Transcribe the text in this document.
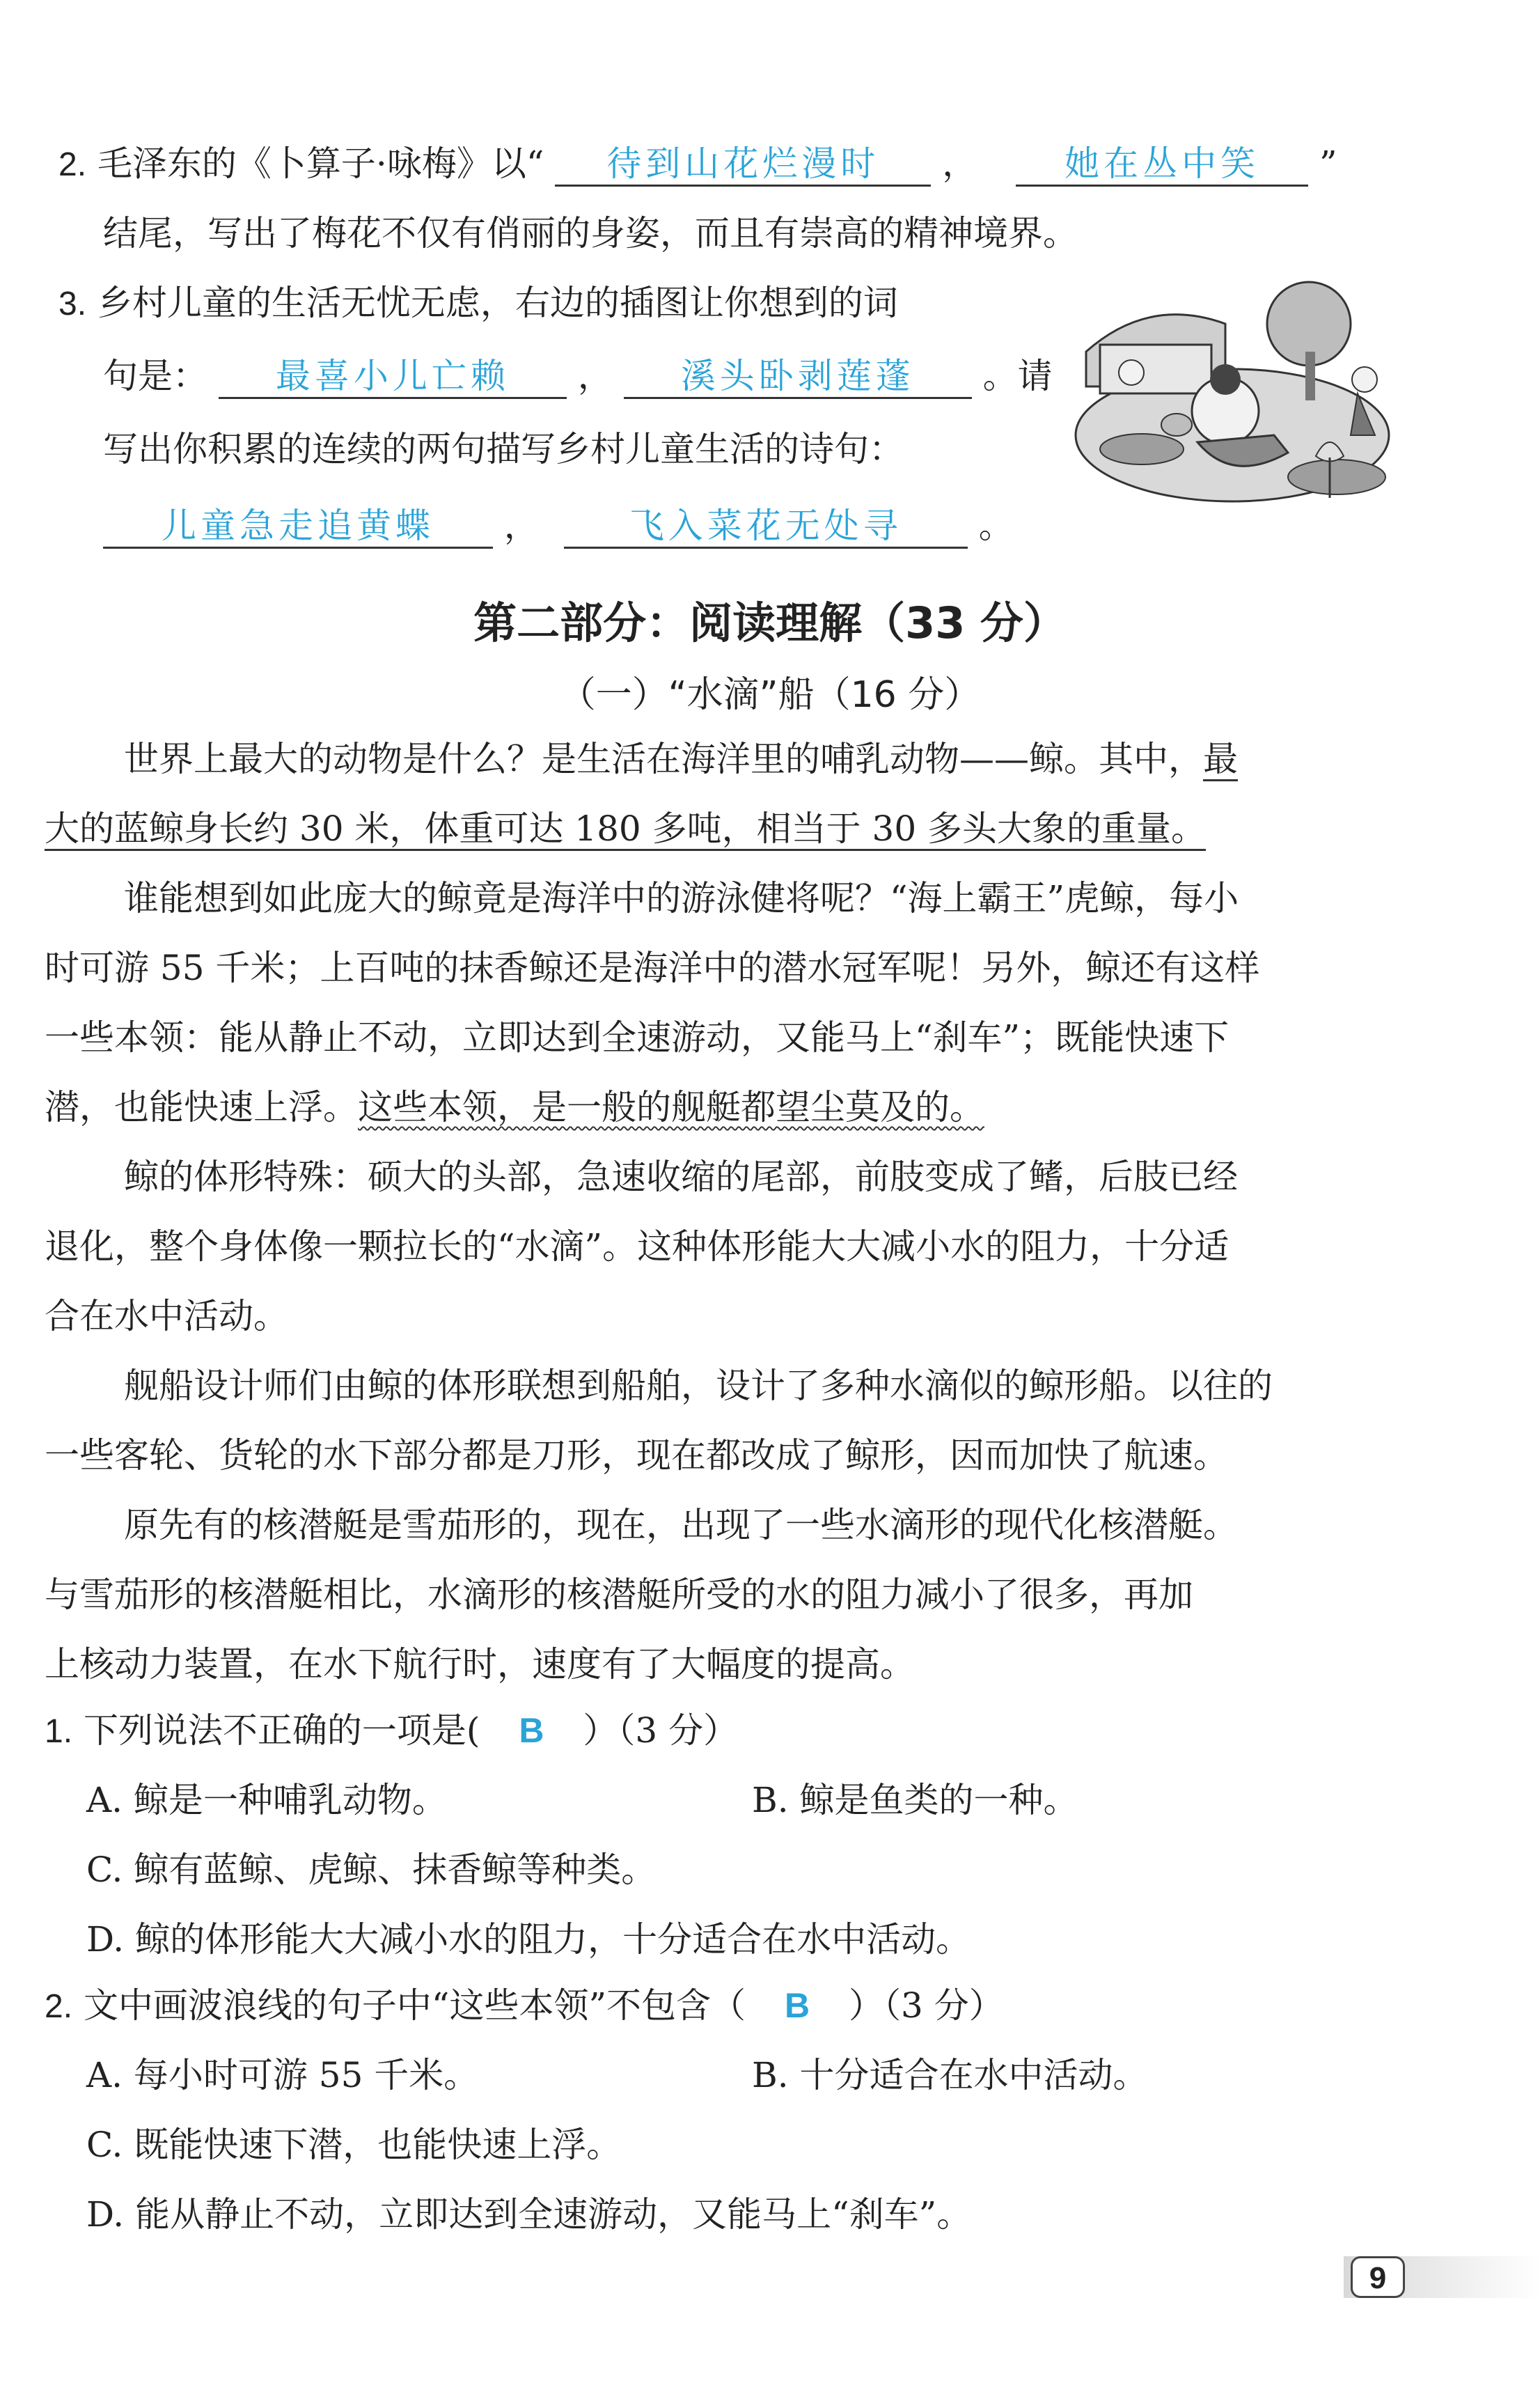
2. 毛泽东的《卜算子·咏梅》以“ 待到山花烂漫时 ，	她在丛中笑 ”
结尾，写出了梅花不仅有俏丽的身姿，而且有崇高的精神境界。
3. 乡村儿童的生活无忧无虑，右边的插图让你想到的词
句是： 最喜小儿亡赖 ， 溪头卧剥莲蓬 。请
写出你积累的连续的两句描写乡村儿童生活的诗句：
儿童急走追黄蝶 ，	飞入菜花无处寻 。
第二部分：阅读理解（33 分）
（一）“水滴”船（16 分）
世界上最大的动物是什么？是生活在海洋里的哺乳动物——鲸。其中，最
大的蓝鲸身长约 30 米，体重可达 180 多吨，相当于 30 多头大象的重量。
谁能想到如此庞大的鲸竟是海洋中的游泳健将呢？“海上霸王”虎鲸，每小
时可游 55 千米；上百吨的抹香鲸还是海洋中的潜水冠军呢！另外，鲸还有这样
一些本领：能从静止不动，立即达到全速游动，又能马上“刹车”；既能快速下
潜，也能快速上浮。这些本领，是一般的舰艇都望尘莫及的。
鲸的体形特殊：硕大的头部，急速收缩的尾部，前肢变成了鳍，后肢已经
退化，整个身体像一颗拉长的“水滴”。这种体形能大大减小水的阻力，十分适
合在水中活动。
舰船设计师们由鲸的体形联想到船舶，设计了多种水滴似的鲸形船。以往的
一些客轮、货轮的水下部分都是刀形，现在都改成了鲸形，因而加快了航速。
原先有的核潜艇是雪茄形的，现在，出现了一些水滴形的现代化核潜艇。
与雪茄形的核潜艇相比，水滴形的核潜艇所受的水的阻力减小了很多，再加
上核动力装置，在水下航行时，速度有了大幅度的提高。
1. 下列说法不正确的一项是( B ）（3 分）
A. 鲸是一种哺乳动物。	B. 鲸是鱼类的一种。
C. 鲸有蓝鲸、虎鲸、抹香鲸等种类。
D. 鲸的体形能大大减小水的阻力，十分适合在水中活动。
2. 文中画波浪线的句子中“这些本领”不包含（ B ）（3 分）
A. 每小时可游 55 千米。	B. 十分适合在水中活动。
C. 既能快速下潜，也能快速上浮。
D. 能从静止不动，立即达到全速游动，又能马上“刹车”。
9
